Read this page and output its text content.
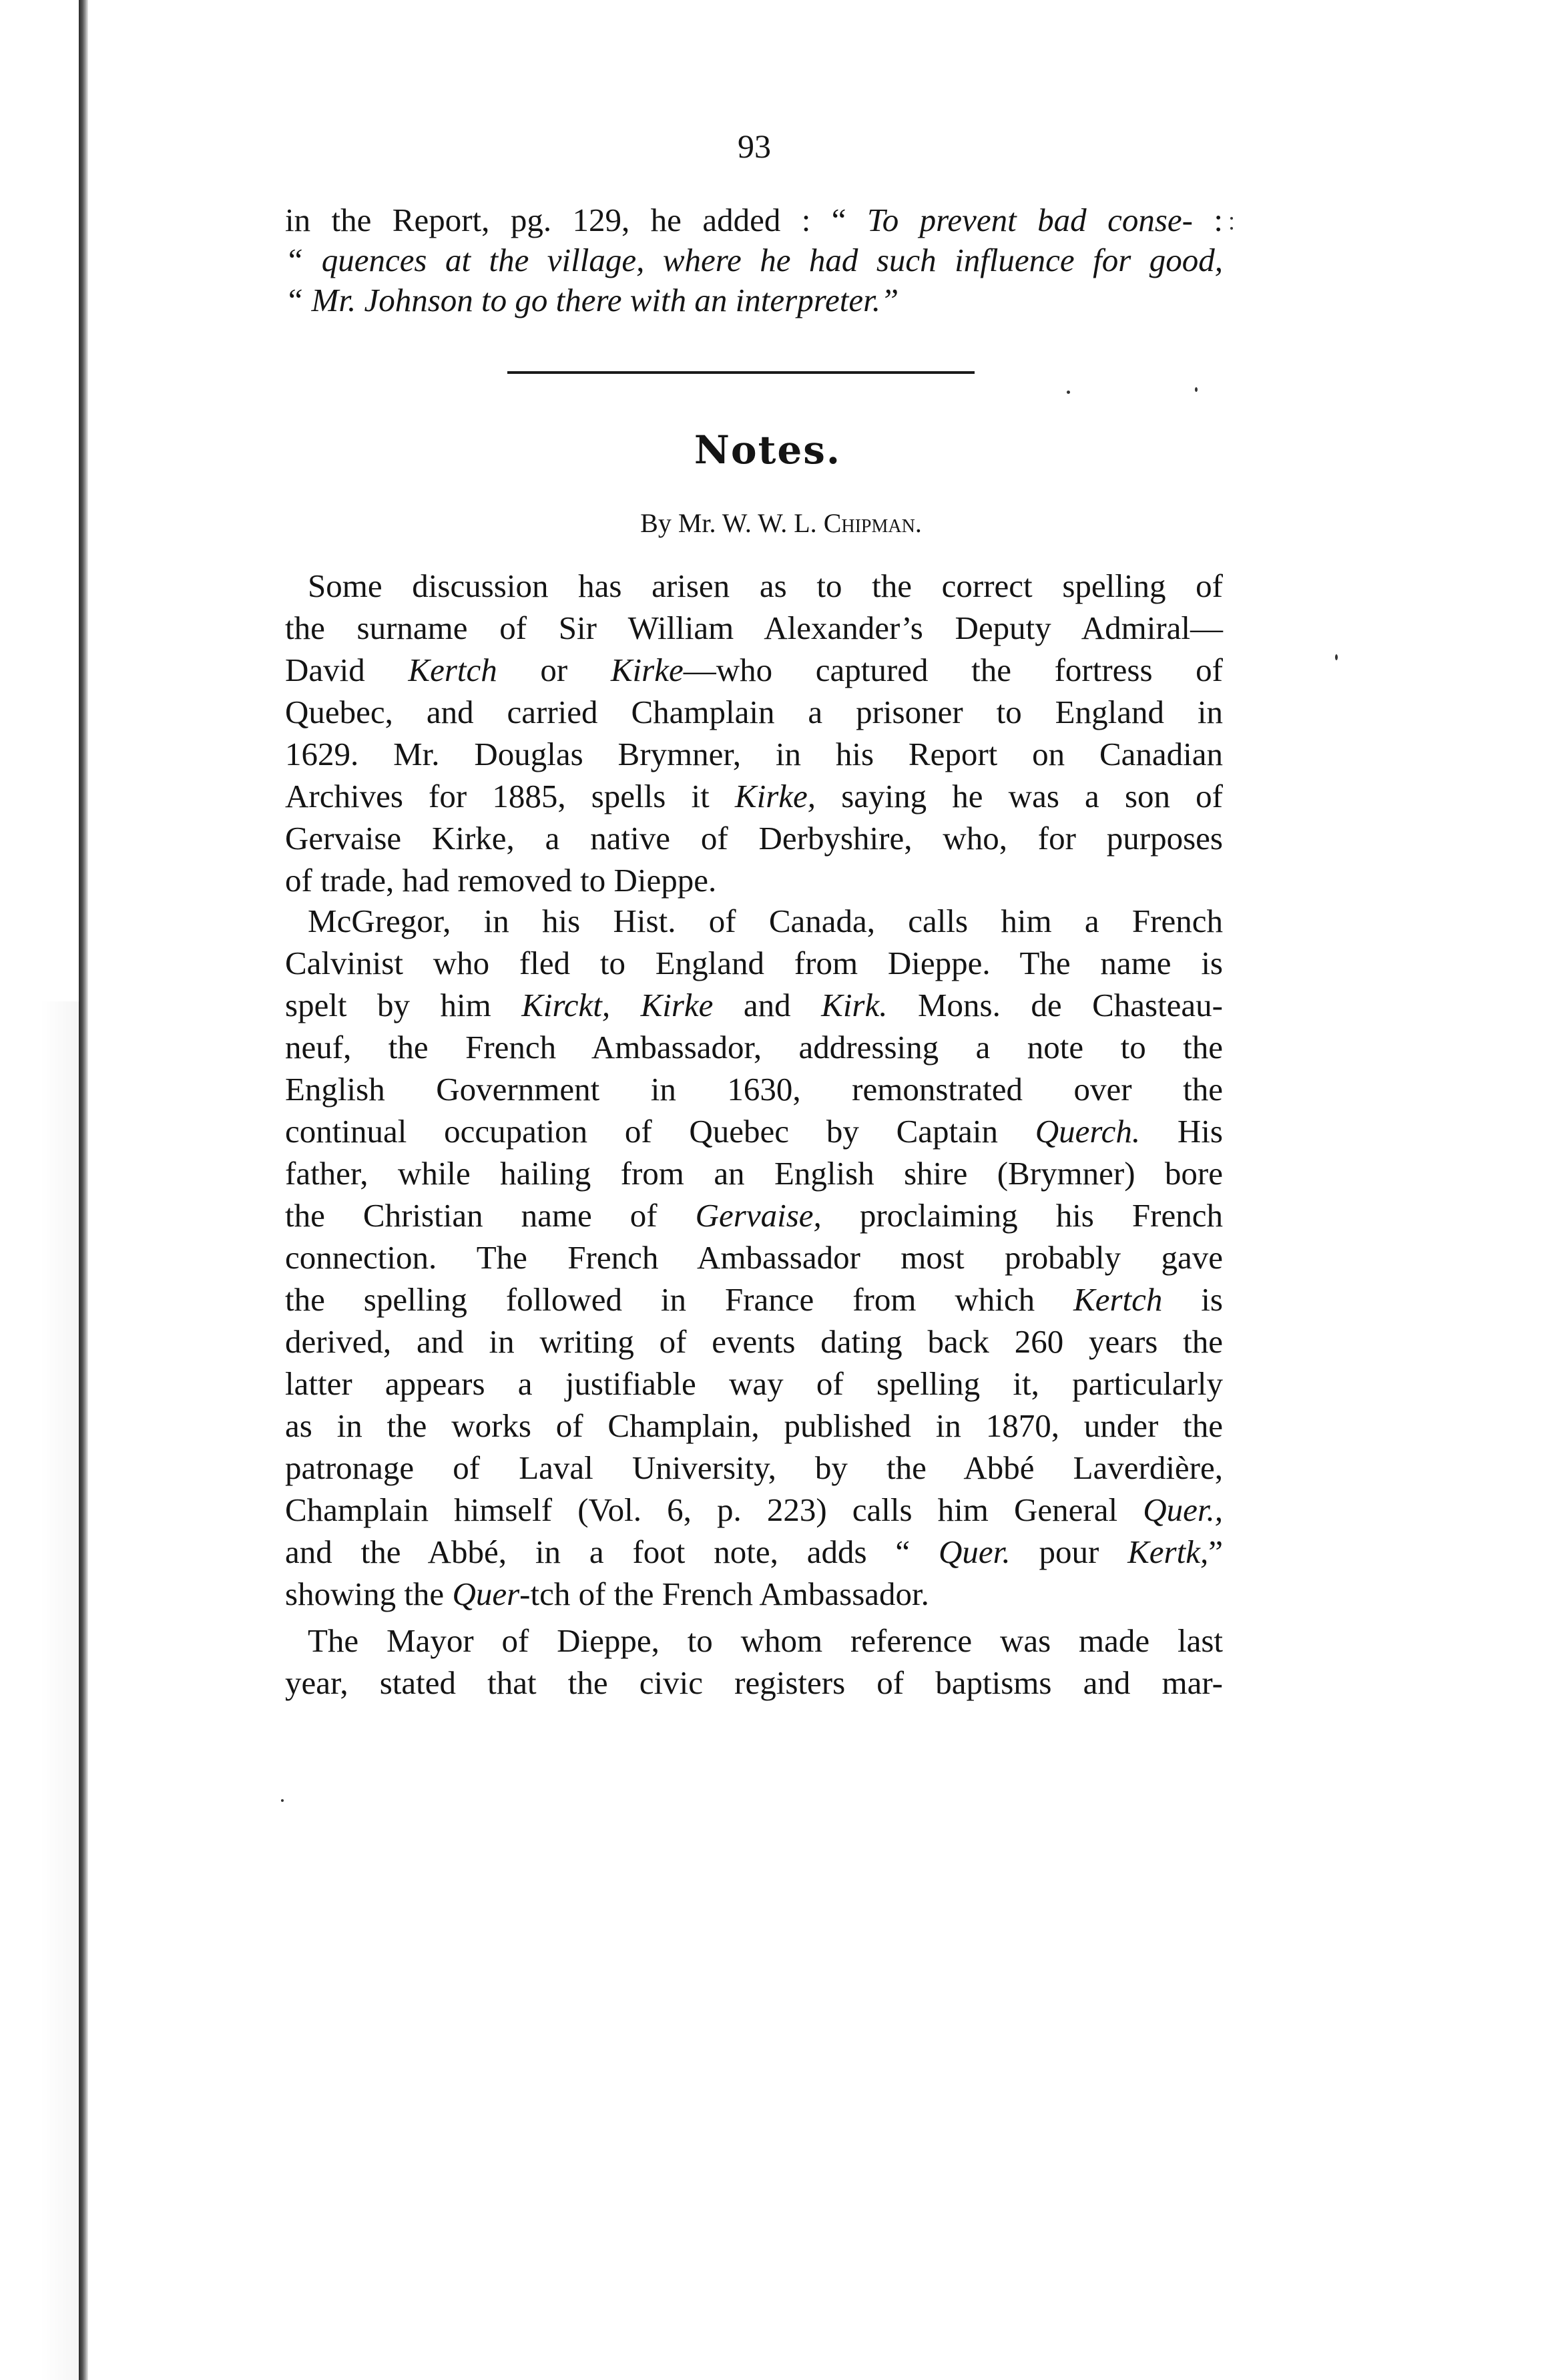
93
in the Report, pg. 129, he added : “ To prevent bad conse- :
“ quences at the village, where he had such influence for good,
“ Mr. Johnson to go there with an interpreter.”
Notes.
By Mr. W. W. L. Chipman.
Some discussion has arisen as to the correct spelling of
the surname of Sir William Alexander’s Deputy Admiral—
David Kertch or Kirke—who captured the fortress of
Quebec, and carried Champlain a prisoner to England in
1629. Mr. Douglas Brymner, in his Report on Canadian
Archives for 1885, spells it Kirke, saying he was a son of
Gervaise Kirke, a native of Derbyshire, who, for purposes
of trade, had removed to Dieppe.
McGregor, in his Hist. of Canada, calls him a French
Calvinist who fled to England from Dieppe. The name is
spelt by him Kirckt, Kirke and Kirk. Mons. de Chasteau-
neuf, the French Ambassador, addressing a note to the
English Government in 1630, remonstrated over the
continual occupation of Quebec by Captain Querch. His
father, while hailing from an English shire (Brymner) bore
the Christian name of Gervaise, proclaiming his French
connection. The French Ambassador most probably gave
the spelling followed in France from which Kertch is
derived, and in writing of events dating back 260 years the
latter appears a justifiable way of spelling it, particularly
as in the works of Champlain, published in 1870, under the
patronage of Laval University, by the Abbé Laverdière,
Champlain himself (Vol. 6, p. 223) calls him General Quer.,
and the Abbé, in a foot note, adds “ Quer. pour Kertk,”
showing the Quer-tch of the French Ambassador.
The Mayor of Dieppe, to whom reference was made last
year, stated that the civic registers of baptisms and mar-
